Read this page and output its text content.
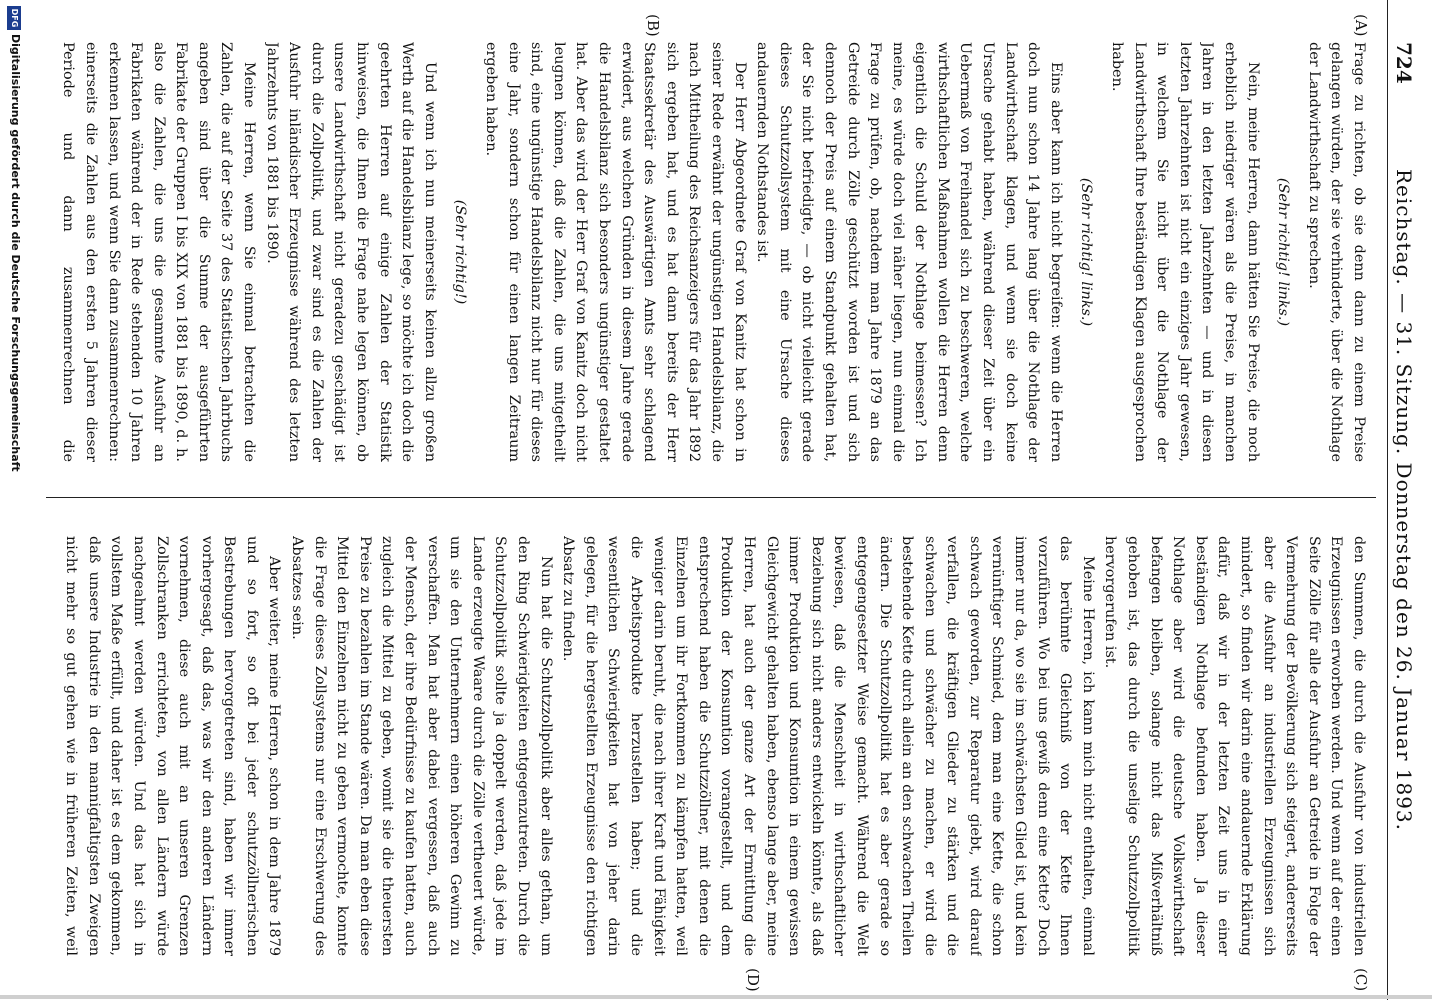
724
Reichstag. — 31. Sitzung. Donnerstag den 26. Januar 1893.
(A)
(B)
(C)
(D)

Frage zu richten, ob sie denn dann zu einem Preise gelangen würden, der sie verhinderte, über die Nothlage der Landwirthschaft zu sprechen.

(Sehr richtig! links.)

Nein, meine Herren, dann hätten Sie Preise, die noch erheblich niedriger wären als die Preise, in manchen Jahren in den letzten Jahrzehnten — und in diesen letzten Jahrzehnten ist nicht ein einziges Jahr gewesen, in welchem Sie nicht über die Nothlage der Landwirthschaft Ihre beständigen Klagen ausgesprochen haben.

(Sehr richtig! links.)

Eins aber kann ich nicht begreifen: wenn die Herren doch nun schon 14 Jahre lang über die Nothlage der Landwirthschaft klagen, und wenn sie doch keine Ursache gehabt haben, während dieser Zeit über ein Uebermaß von Freihandel sich zu beschweren, welche wirthschaftlichen Maßnahmen wollen die Herren denn eigentlich die Schuld der Nothlage beimessen? Ich meine, es würde doch viel näher liegen, nun einmal die Frage zu prüfen, ob, nachdem man Jahre 1879 an das Getreide durch Zölle geschützt worden ist und sich dennoch der Preis auf einem Standpunkt gehalten hat, der Sie nicht befriedigte, — ob nicht vielleicht gerade dieses Schutzzollsystem mit eine Ursache dieses andauernden Nothstandes ist.

Der Herr Abgeordnete Graf von Kanitz hat schon in seiner Rede erwähnt der ungünstigen Handelsbilanz, die nach Mittheilung des Reichsanzeigers für das Jahr 1892 sich ergeben hat, und es hat dann bereits der Herr Staatssekretär des Auswärtigen Amts sehr schlagend erwidert, aus welchen Gründen in diesem Jahre gerade die Handelsbilanz sich besonders ungünstiger gestaltet hat. Aber das wird der Herr Graf von Kanitz doch nicht leugnen können, daß die Zahlen, die uns mitgetheilt sind, eine ungünstige Handelsbilanz nicht nur für dieses eine Jahr, sondern schon für einen langen Zeitraum ergeben haben.

(Sehr richtig!)

Und wenn ich nun meinerseits keinen allzu großen Werth auf die Handelsbilanz lege, so möchte ich doch die geehrten Herren auf einige Zahlen der Statistik hinweisen, die Ihnen die Frage nahe legen können, ob unsere Landwirthschaft nicht geradezu geschädigt ist durch die Zollpolitik, und zwar sind es die Zahlen der Ausfuhr inländischer Erzeugnisse während des letzten Jahrzehnts von 1881 bis 1890.

Meine Herren, wenn Sie einmal betrachten die Zahlen, die auf der Seite 37 des Statistischen Jahrbuchs angeben sind über die Summe der ausgeführten Fabrikate der Gruppen I bis XIX von 1881 bis 1890, d. h. also die Zahlen, die uns die gesammte Ausfuhr an Fabrikaten während der in Rede stehenden 10 Jahren erkennen lassen, und wenn Sie dann zusammenrechnen: einerseits die Zahlen aus den ersten 5 Jahren dieser Periode und dann zusammenrechnen die

den Summen, die durch die Ausfuhr von industriellen Erzeugnissen erworben werden. Und wenn auf der einen Seite Zölle für alle der Ausfuhr an Getreide in Folge der Vermehrung der Bevölkerung sich steigert, andererseits aber die Ausfuhr an industriellen Erzeugnissen sich mindert, so finden wir darin eine andauernde Erklärung dafür, daß wir in der letzten Zeit uns in einer beständigen Nothlage befunden haben. Ja dieser Nothlage aber wird die deutsche Volkswirthschaft befangen bleiben, solange nicht das Mißverhältniß gehoben ist, das durch die unselige Schutzzollpolitik hervorgerufen ist.

Meine Herren, ich kann mich nicht enthalten, einmal das berühmte Gleichniß von der Kette Ihnen vorzuführen. Wo bei uns gewiß denn eine Kette? Doch immer nur da, wo sie im schwächsten Glied ist, und kein vernünftiger Schmied, dem man eine Kette, die schon schwach geworden, zur Reparatur giebt, wird darauf verfallen, die kräftigen Glieder zu stärken und die schwachen und schwächer zu machen, er wird die bestehende Kette durch allein an den schwachen Theilen ändern. Die Schutzzollpolitik hat es aber gerade so entgegengesetzter Weise gemacht. Während die Welt bewiesen, daß die Menschheit in wirthschaftlicher Beziehung sich nicht anders entwickeln könnte, als daß immer Produktion und Konsumtion in einem gewissen Gleichgewicht gehalten haben, ebenso lange aber, meine Herren, hat auch der ganze Art der Ermittlung die Produktion der Konsumtion vorangestellt, und dem entsprechend haben die Schutzzöllner, mit denen die Einzelnen um ihr Fortkommen zu kämpfen hatten, weil weniger darin beruht, die nach ihrer Kraft und Fähigkeit die Arbeitsprodukte herzustellen haben; und die wesentlichen Schwierigkeiten hat von jeher darin gelegen, für die hergestellten Erzeugnisse den richtigen Absatz zu finden.

Nun hat die Schutzzollpolitik aber alles gethan, um den Ring Schwierigkeiten entgegenzutreten. Durch die Schutzzollpolitik sollte ja doppelt werden, daß jede im Lande erzeugte Waare durch die Zölle vertheuert würde, um sie den Unternehmern einen höheren Gewinn zu verschaffen. Man hat aber dabei vergessen, daß auch der Mensch, der ihre Bedürfnisse zu kaufen hatten, auch zugleich die Mittel zu geben, womit sie die theuersten Preise zu bezahlen im Stande wären. Da man eben diese Mittel den Einzelnen nicht zu geben vermochte, konnte die Frage dieses Zollsystems nur eine Erschwerung des Absatzes sein.

Aber weiter, meine Herren, schon in dem Jahre 1879 und so fort, so oft bei jeder schutzzöllnerischen Bestrebungen hervorgetreten sind, haben wir immer vorhergesagt, daß das, was wir den anderen Ländern vornehmen, diese auch mit an unseren Grenzen Zollschranken errichteten, von allen Ländern würde nachgeahmt werden würden. Und das hat sich in vollstem Maße erfüllt, und daher ist es dem gekommen, daß unsere Industrie in den mannigfaltigsten Zweigen nicht mehr so gut gehen wie in früheren Zeiten, weil

DFG
Digitalisierung gefördert durch die Deutsche Forschungsgemeinschaft
